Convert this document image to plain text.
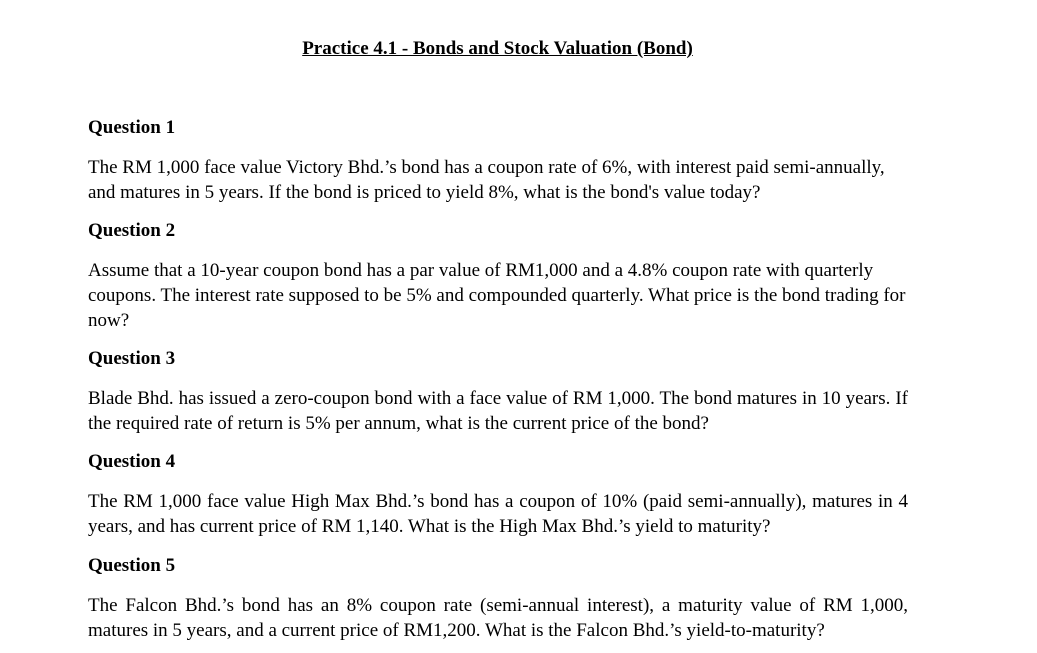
Practice 4.1 - Bonds and Stock Valuation (Bond)
Question 1

The RM 1,000 face value Victory Bhd.’s bond has a coupon rate of 6%, with interest paid semi-annually, and matures in 5 years. If the bond is priced to yield 8%, what is the bond's value today?

Question 2

Assume that a 10-year coupon bond has a par value of RM1,000 and a 4.8% coupon rate with quarterly coupons. The interest rate supposed to be 5% and compounded quarterly. What price is the bond trading for now?

Question 3

Blade Bhd. has issued a zero-coupon bond with a face value of RM 1,000. The bond matures in 10 years. If the required rate of return is 5% per annum, what is the current price of the bond?

Question 4

The RM 1,000 face value High Max Bhd.’s bond has a coupon of 10% (paid semi-annually), matures in 4 years, and has current price of RM 1,140. What is the High Max Bhd.’s yield to maturity?

Question 5

The Falcon Bhd.’s bond has an 8% coupon rate (semi-annual interest), a maturity value of RM 1,000, matures in 5 years, and a current price of RM1,200. What is the Falcon Bhd.’s yield-to-maturity?
